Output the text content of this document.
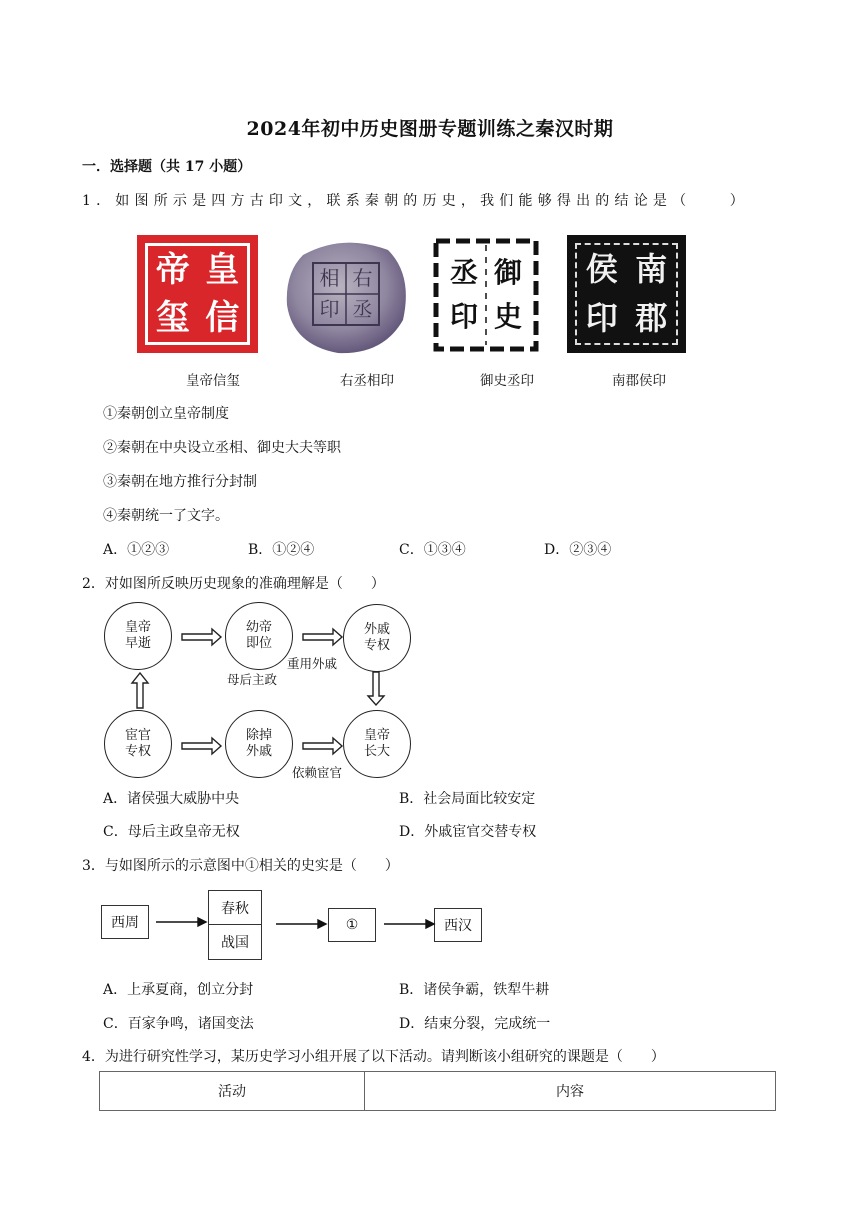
2024年初中历史图册专题训练之秦汉时期
一．选择题（共 17 小题）
1．如图所示是四方古印文，联系秦朝的历史，我们能够得出的结论是（　　）
帝 皇
玺 信
相 右
印 丞
丞 御
印 史
侯 南
印 郡
皇帝信玺	右丞相印	御史丞印	南郡侯印
①秦朝创立皇帝制度
②秦朝在中央设立丞相、御史大夫等职
③秦朝在地方推行分封制
④秦朝统一了文字。
A．①②③	B．①②④	C．①③④	D．②③④
2．对如图所反映历史现象的准确理解是（　　）
皇帝
早逝
幼帝
即位
外戚
专权
宦官
专权
除掉
外戚
皇帝
长大
母后主政
重用外戚
依赖宦官
A．诸侯强大威胁中央	B．社会局面比较安定
C．母后主政皇帝无权	D．外戚宦官交替专权
3．与如图所示的示意图中①相关的史实是（　　）
西周
春秋
战国
①	西汉
A．上承夏商，创立分封	B．诸侯争霸，铁犁牛耕
C．百家争鸣，诸国变法	D．结束分裂，完成统一
4．为进行研究性学习，某历史学习小组开展了以下活动。请判断该小组研究的课题是（　　）
活动	内容
